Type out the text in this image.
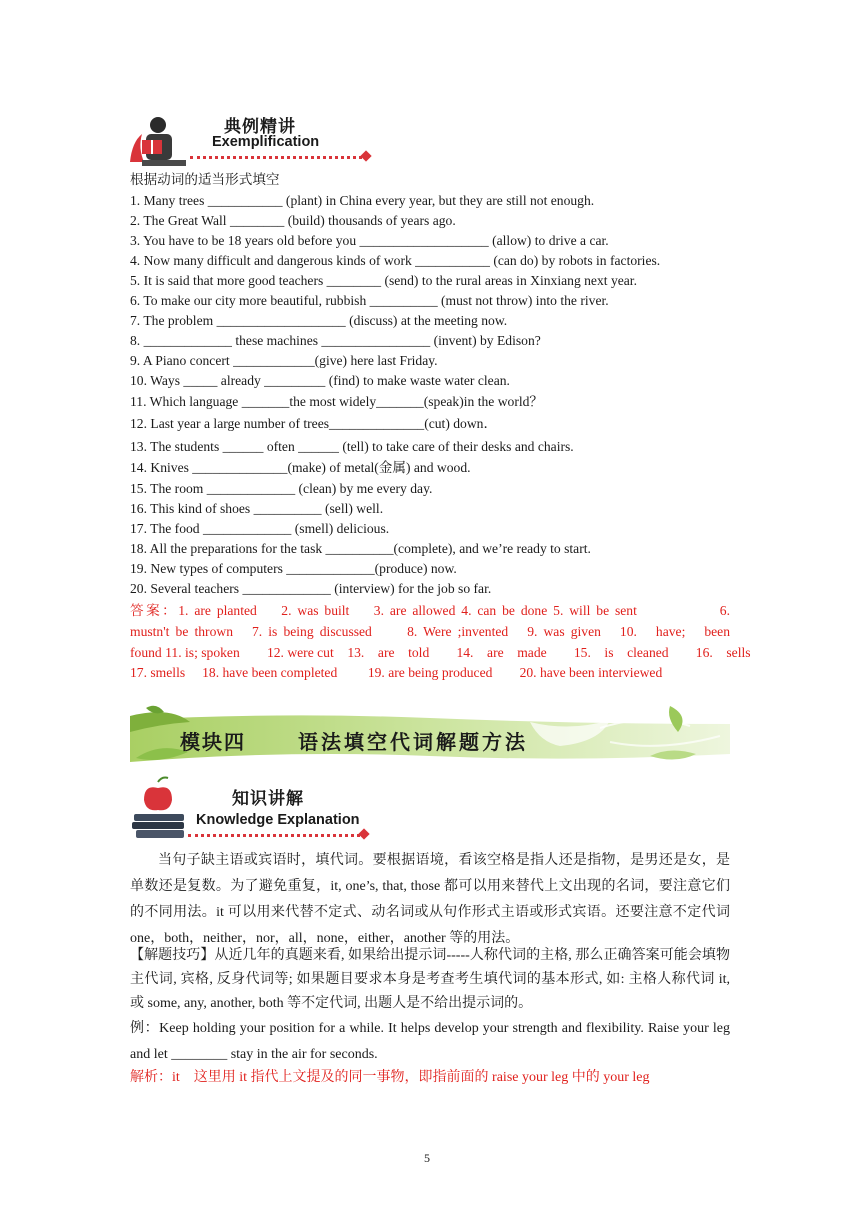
典例精讲
Exemplification
根据动词的适当形式填空
1. Many trees ___________ (plant) in China every year, but they are still not enough.
2. The Great Wall ________ (build) thousands of years ago.
3. You have to be 18 years old before you ___________________ (allow) to drive a car.
4. Now many difficult and dangerous kinds of work ___________ (can do) by robots in factories.
5. It is said that more good teachers ________ (send) to the rural areas in Xinxiang next year.
6. To make our city more beautiful, rubbish __________ (must not throw) into the river.
7. The problem ___________________ (discuss) at the meeting now.
8. _____________ these machines ________________ (invent) by Edison?
9. A Piano concert ____________(give) here last Friday.
10. Ways _____ already _________ (find) to make waste water clean.
11. Which language _______the most widely_______(speak)in the world？
12. Last year a large number of trees______________(cut) down．
13. The students ______ often ______ (tell) to take care of their desks and chairs.
14. Knives ______________(make) of metal(金属) and wood.
15. The room _____________ (clean) by me every day.
16. This kind of shoes __________ (sell) well.
17. The food _____________ (smell) delicious.
18. All the preparations for the task __________(complete), and we’re ready to start.
19. New types of computers _____________(produce) now.
20. Several teachers _____________ (interview) for the job so far.
答案：1. are planted　 2. was built　 3. are allowed 4. can be done 5. will be sent　　　　　6.
mustn't be thrown　7. is being discussed　　8. Were ;invented　9. was given　10.　have;　been
found 11. is; spoken　　12. were cut　13.　are　told　　14.　are　made　　15.　is　cleaned　　16.　sells
17. smells　 18. have been completed　　 19. are being produced　　20. have been interviewed
模块四	语法填空代词解题方法
知识讲解
Knowledge Explanation
当句子缺主语或宾语时，填代词。要根据语境，看该空格是指人还是指物，是男还是女，是单数还是复数。为了避免重复，it, one’s, that, those 都可以用来替代上文出现的名词，要注意它们的不同用法。it 可以用来代替不定式、动名词或从句作形式主语或形式宾语。还要注意不定代词 one，both，neither，nor，all，none，either，another 等的用法。
【解题技巧】从近几年的真题来看, 如果给出提示词-----人称代词的主格, 那么正确答案可能会填物主代词, 宾格, 反身代词等; 如果题目要求本身是考查考生填代词的基本形式, 如: 主格人称代词 it, 或 some, any, another, both 等不定代词, 出题人是不给出提示词的。
例：Keep holding your position for a while. It helps develop your strength and flexibility. Raise your leg and let ________ stay in the air for seconds.
解析：it　这里用 it 指代上文提及的同一事物，即指前面的 raise your leg 中的 your leg
5
